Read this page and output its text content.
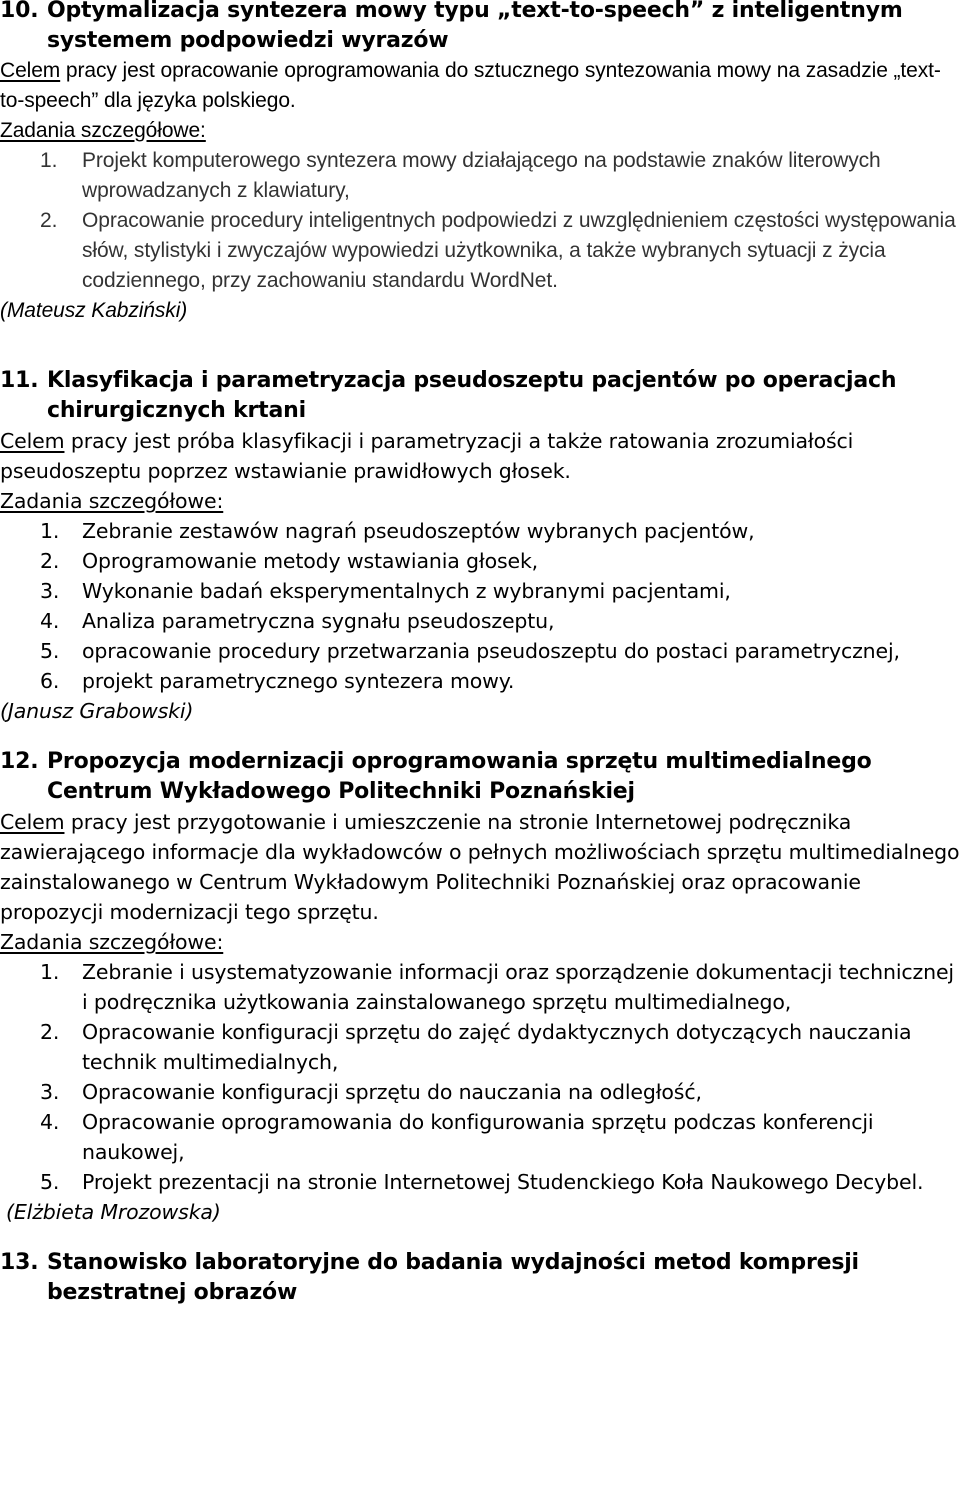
10. Optymalizacja syntezera mowy typu „text-to-speech” z inteligentnym systemem podpowiedzi wyrazów

Celem pracy jest opracowanie oprogramowania do sztucznego syntezowania mowy na zasadzie „text-to-speech” dla języka polskiego.

Zadania szczegółowe:

1. Projekt komputerowego syntezera mowy działającego na podstawie znaków literowych wprowadzanych z klawiatury,
2. Opracowanie procedury inteligentnych podpowiedzi z uwzględnieniem częstości występowania słów, stylistyki i zwyczajów wypowiedzi użytkownika, a także wybranych sytuacji z życia codziennego, przy zachowaniu standardu WordNet.

(Mateusz Kabziński)

11. Klasyfikacja i parametryzacja pseudoszeptu pacjentów po operacjach chirurgicznych krtani

Celem pracy jest próba klasyfikacji i parametryzacji a także ratowania zrozumiałości pseudoszeptu poprzez wstawianie prawidłowych głosek.

Zadania szczegółowe:

1. Zebranie zestawów nagrań pseudoszeptów wybranych pacjentów,
2. Oprogramowanie metody wstawiania głosek,
3. Wykonanie badań eksperymentalnych z wybranymi pacjentami,
4. Analiza parametryczna sygnału pseudoszeptu,
5. opracowanie procedury przetwarzania pseudoszeptu do postaci parametrycznej,
6. projekt parametrycznego syntezera mowy.

(Janusz Grabowski)

12. Propozycja modernizacji oprogramowania sprzętu multimedialnego Centrum Wykładowego Politechniki Poznańskiej

Celem pracy jest przygotowanie i umieszczenie na stronie Internetowej podręcznika zawierającego informacje dla wykładowców o pełnych możliwościach sprzętu multimedialnego zainstalowanego w Centrum Wykładowym Politechniki Poznańskiej oraz opracowanie propozycji modernizacji tego sprzętu.

Zadania szczegółowe:

1. Zebranie i usystematyzowanie informacji oraz sporządzenie dokumentacji technicznej i podręcznika użytkowania zainstalowanego sprzętu multimedialnego,
2. Opracowanie konfiguracji sprzętu do zajęć dydaktycznych dotyczących nauczania technik multimedialnych,
3. Opracowanie konfiguracji sprzętu do nauczania na odległość,
4. Opracowanie oprogramowania do konfigurowania sprzętu podczas konferencji naukowej,
5. Projekt prezentacji na stronie Internetowej Studenckiego Koła Naukowego Decybel.

(Elżbieta Mrozowska)

13. Stanowisko laboratoryjne do badania wydajności metod kompresji bezstratnej obrazów
